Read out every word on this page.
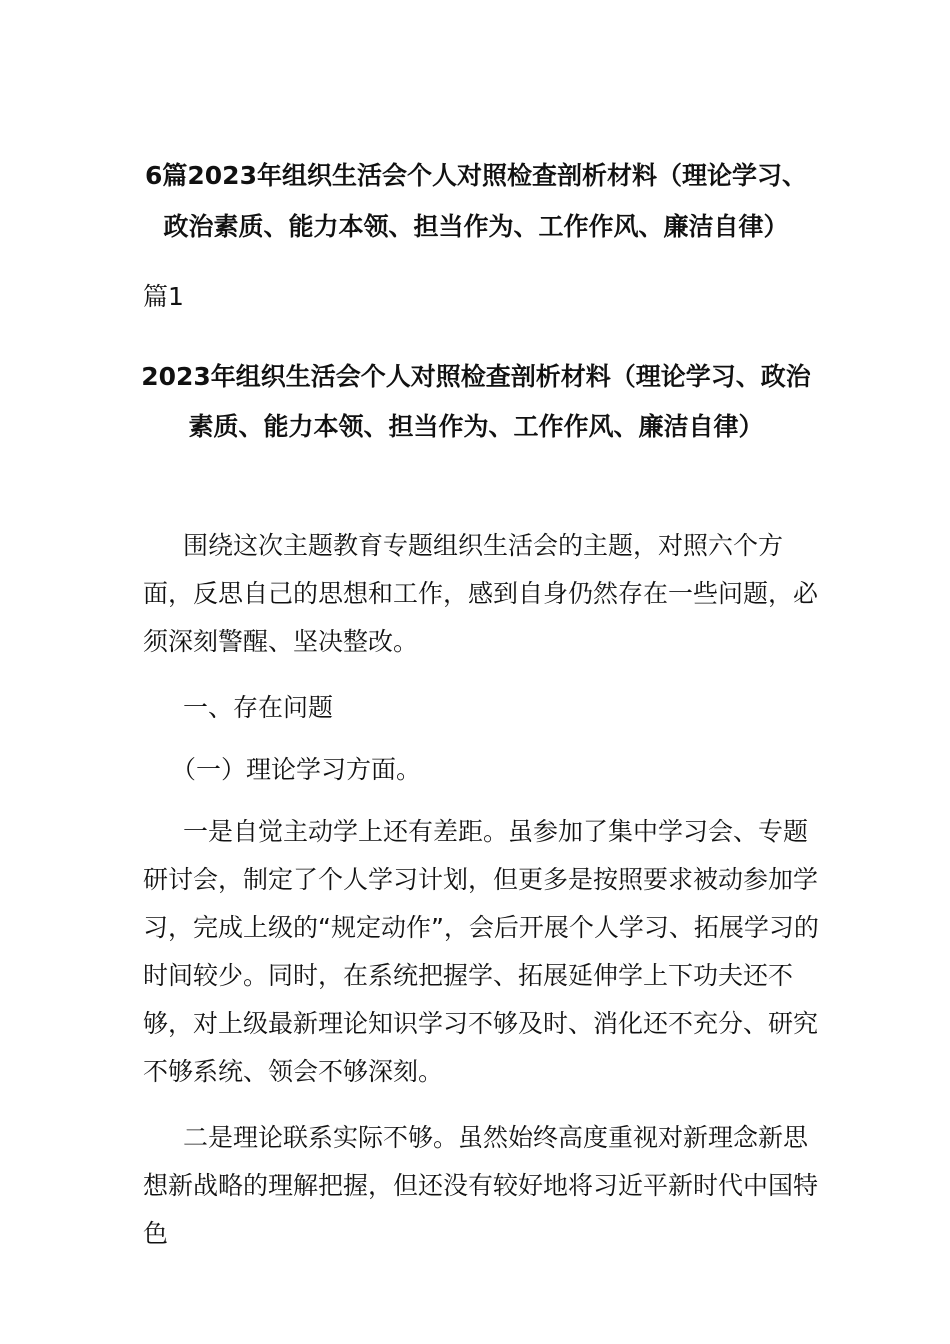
6篇2023年组织生活会个人对照检查剖析材料（理论学习、政治素质、能力本领、担当作为、工作作风、廉洁自律）

篇1

2023年组织生活会个人对照检查剖析材料（理论学习、政治素质、能力本领、担当作为、工作作风、廉洁自律）

围绕这次主题教育专题组织生活会的主题，对照六个方面，反思自己的思想和工作，感到自身仍然存在一些问题，必须深刻警醒、坚决整改。

一、存在问题

（一）理论学习方面。

一是自觉主动学上还有差距。虽参加了集中学习会、专题研讨会，制定了个人学习计划，但更多是按照要求被动参加学习，完成上级的“规定动作”，会后开展个人学习、拓展学习的时间较少。同时，在系统把握学、拓展延伸学上下功夫还不够，对上级最新理论知识学习不够及时、消化还不充分、研究不够系统、领会不够深刻。

二是理论联系实际不够。虽然始终高度重视对新理念新思想新战略的理解把握，但还没有较好地将习近平新时代中国特色
